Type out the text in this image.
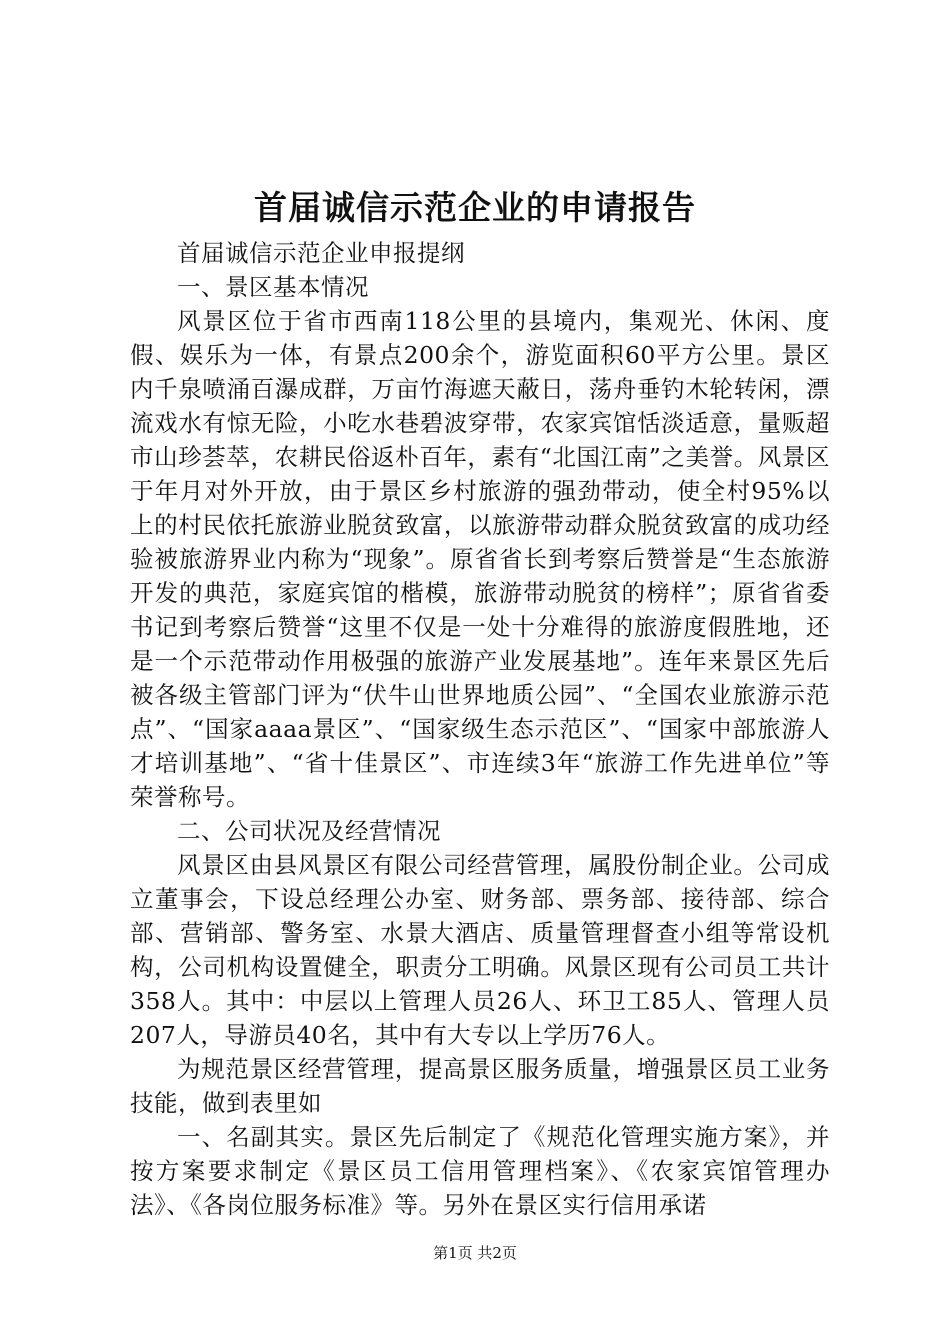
首届诚信示范企业的申请报告

首届诚信示范企业申报提纲

一、景区基本情况

风景区位于省市西南118公里的县境内，集观光、休闲、度假、娱乐为一体，有景点200余个，游览面积60平方公里。景区内千泉喷涌百瀑成群，万亩竹海遮天蔽日，荡舟垂钓木轮转闲，漂流戏水有惊无险，小吃水巷碧波穿带，农家宾馆恬淡适意，量贩超市山珍荟萃，农耕民俗返朴百年，素有“北国江南”之美誉。风景区于年月对外开放，由于景区乡村旅游的强劲带动，使全村95%以上的村民依托旅游业脱贫致富，以旅游带动群众脱贫致富的成功经验被旅游界业内称为“现象”。原省省长到考察后赞誉是“生态旅游开发的典范，家庭宾馆的楷模，旅游带动脱贫的榜样”；原省省委书记到考察后赞誉“这里不仅是一处十分难得的旅游度假胜地，还是一个示范带动作用极强的旅游产业发展基地”。连年来景区先后被各级主管部门评为“伏牛山世界地质公园”、“全国农业旅游示范点”、“国家aaaa景区”、“国家级生态示范区”、“国家中部旅游人才培训基地”、“省十佳景区”、市连续3年“旅游工作先进单位”等荣誉称号。

二、公司状况及经营情况

风景区由县风景区有限公司经营管理，属股份制企业。公司成立董事会，下设总经理公办室、财务部、票务部、接待部、综合部、营销部、警务室、水景大酒店、质量管理督查小组等常设机构，公司机构设置健全，职责分工明确。风景区现有公司员工共计358人。其中：中层以上管理人员26人、环卫工85人、管理人员207人，导游员40名，其中有大专以上学历76人。

为规范景区经营管理，提高景区服务质量，增强景区员工业务技能，做到表里如

一、名副其实。景区先后制定了《规范化管理实施方案》，并按方案要求制定《景区员工信用管理档案》、《农家宾馆管理办法》、《各岗位服务标准》等。另外在景区实行信用承诺

第1页 共2页
